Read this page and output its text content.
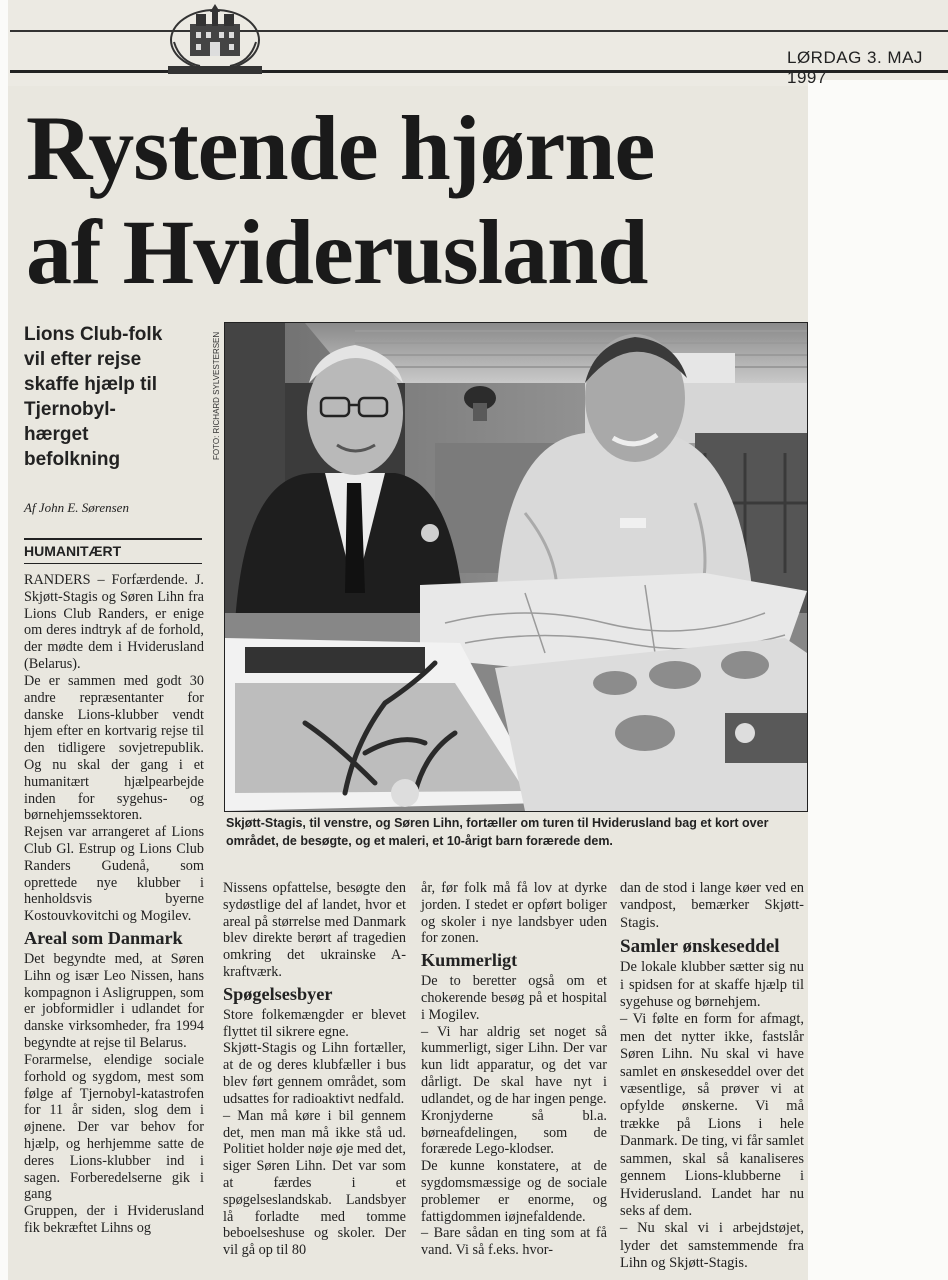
LØRDAG 3. MAJ 1997
Rystende hjørne
af Hviderusland
Lions Club-folk
vil efter rejse
skaffe hjælp til
Tjernobyl-
hærget
befolkning
Af John E. Sørensen
HUMANITÆRT
Skjøtt-Stagis, til venstre, og Søren Lihn, fortæller om turen til Hviderusland bag et kort over området, de besøgte, og et maleri, et 10-årigt barn forærede dem.

RANDERS – Forfærdende. J. Skjøtt-Stagis og Søren Lihn fra Lions Club Randers, er enige om deres indtryk af de forhold, der mødte dem i Hviderusland (Belarus).

De er sammen med godt 30 andre repræsentanter for danske Lions-klubber vendt hjem efter en kortvarig rejse til den tidligere sovjetrepublik. Og nu skal der gang i et humanitært hjælpearbejde inden for sygehus- og børnehjemssektoren.

Rejsen var arrangeret af Lions Club Gl. Estrup og Lions Club Randers Gudenå, som oprettede nye klubber i henholdsvis byerne Kostouvkovitchi og Mogilev.

Areal som Danmark

Det begyndte med, at Søren Lihn og især Leo Nissen, hans kompagnon i Asligruppen, som er jobformidler i udlandet for danske virksomheder, fra 1994 begyndte at rejse til Belarus.

Forarmelse, elendige sociale forhold og sygdom, mest som følge af Tjernobyl-katastrofen for 11 år siden, slog dem i øjnene. Der var behov for hjælp, og herhjemme satte de deres Lions-klubber ind i sagen. Forberedelserne gik i gang

Gruppen, der i Hviderusland fik bekræftet Lihns og

Nissens opfattelse, besøgte den sydøstlige del af landet, hvor et areal på størrelse med Danmark blev direkte berørt af tragedien omkring det ukrainske A-kraftværk.

Spøgelsesbyer

Store folkemængder er blevet flyttet til sikrere egne.

Skjøtt-Stagis og Lihn fortæller, at de og deres klubfæller i bus blev ført gennem området, som udsattes for radioaktivt nedfald.

– Man må køre i bil gennem det, men man må ikke stå ud. Politiet holder nøje øje med det, siger Søren Lihn. Det var som at færdes i et spøgelseslandskab. Landsbyer lå forladte med tomme beboelseshuse og skoler. Der vil gå op til 80

år, før folk må få lov at dyrke jorden. I stedet er opført boliger og skoler i nye landsbyer uden for zonen.

Kummerligt

De to beretter også om et chokerende besøg på et hospital i Mogilev.

– Vi har aldrig set noget så kummerligt, siger Lihn. Der var kun lidt apparatur, og det var dårligt. De skal have nyt i udlandet, og de har ingen penge.

Kronjyderne så bl.a. børneafdelingen, som de forærede Lego-klodser.

De kunne konstatere, at de sygdomsmæssige og de sociale problemer er enorme, og fattigdommen iøjnefaldende.

– Bare sådan en ting som at få vand. Vi så f.eks. hvor-

dan de stod i lange køer ved en vandpost, bemærker Skjøtt-Stagis.

Samler ønskeseddel

De lokale klubber sætter sig nu i spidsen for at skaffe hjælp til sygehuse og børnehjem.

– Vi følte en form for afmagt, men det nytter ikke, fastslår Søren Lihn. Nu skal vi have samlet en ønskeseddel over det væsentlige, så prøver vi at opfylde ønskerne. Vi må trække på Lions i hele Danmark. De ting, vi får samlet sammen, skal så kanaliseres gennem Lions-klubberne i Hviderusland. Landet har nu seks af dem.

– Nu skal vi i arbejdstøjet, lyder det samstemmende fra Lihn og Skjøtt-Stagis.
